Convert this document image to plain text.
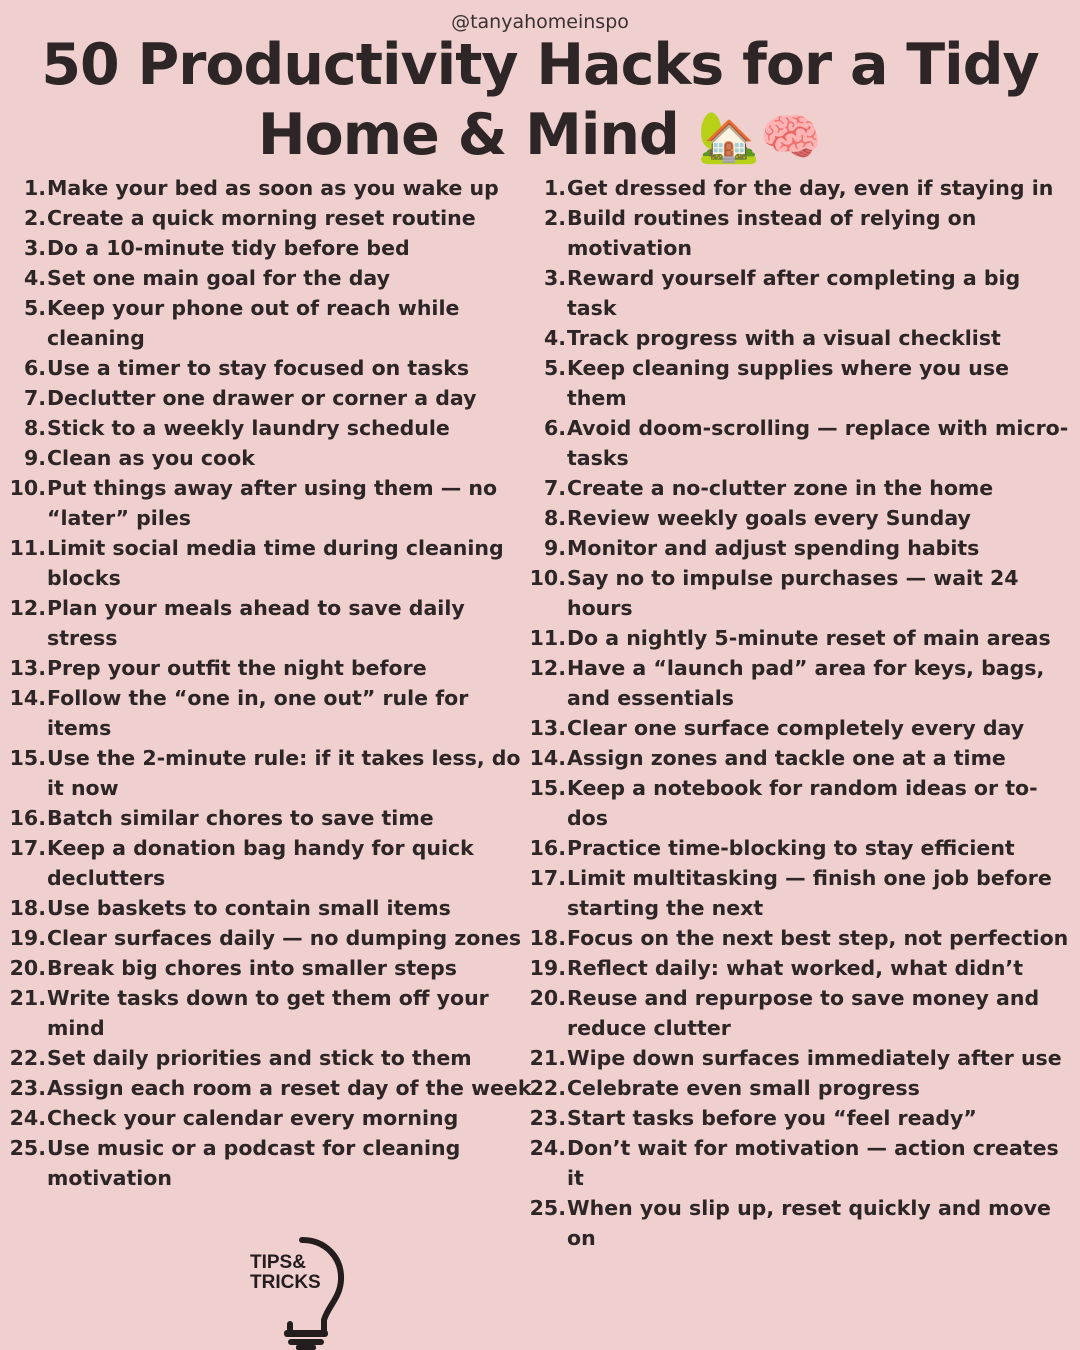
@tanyahomeinspo
50 Productivity Hacks for a Tidy
Home & Mind 🏡🧠
1. Make your bed as soon as you wake up
2. Create a quick morning reset routine
3. Do a 10-minute tidy before bed
4. Set one main goal for the day
5. Keep your phone out of reach while cleaning
6. Use a timer to stay focused on tasks
7. Declutter one drawer or corner a day
8. Stick to a weekly laundry schedule
9. Clean as you cook
10. Put things away after using them — no “later” piles
11. Limit social media time during cleaning blocks
12. Plan your meals ahead to save daily stress
13. Prep your outfit the night before
14. Follow the “one in, one out” rule for items
15. Use the 2-minute rule: if it takes less, do it now
16. Batch similar chores to save time
17. Keep a donation bag handy for quick declutters
18. Use baskets to contain small items
19. Clear surfaces daily — no dumping zones
20. Break big chores into smaller steps
21. Write tasks down to get them off your mind
22. Set daily priorities and stick to them
23. Assign each room a reset day of the week
24. Check your calendar every morning
25. Use music or a podcast for cleaning motivation
1. Get dressed for the day, even if staying in
2. Build routines instead of relying on motivation
3. Reward yourself after completing a big task
4. Track progress with a visual checklist
5. Keep cleaning supplies where you use them
6. Avoid doom-scrolling — replace with micro-tasks
7. Create a no-clutter zone in the home
8. Review weekly goals every Sunday
9. Monitor and adjust spending habits
10. Say no to impulse purchases — wait 24 hours
11. Do a nightly 5-minute reset of main areas
12. Have a “launch pad” area for keys, bags, and essentials
13. Clear one surface completely every day
14. Assign zones and tackle one at a time
15. Keep a notebook for random ideas or to-dos
16. Practice time-blocking to stay efficient
17. Limit multitasking — finish one job before starting the next
18. Focus on the next best step, not perfection
19. Reflect daily: what worked, what didn’t
20. Reuse and repurpose to save money and reduce clutter
21. Wipe down surfaces immediately after use
22. Celebrate even small progress
23. Start tasks before you “feel ready”
24. Don’t wait for motivation — action creates it
25. When you slip up, reset quickly and move on
TIPS&
TRICKS
